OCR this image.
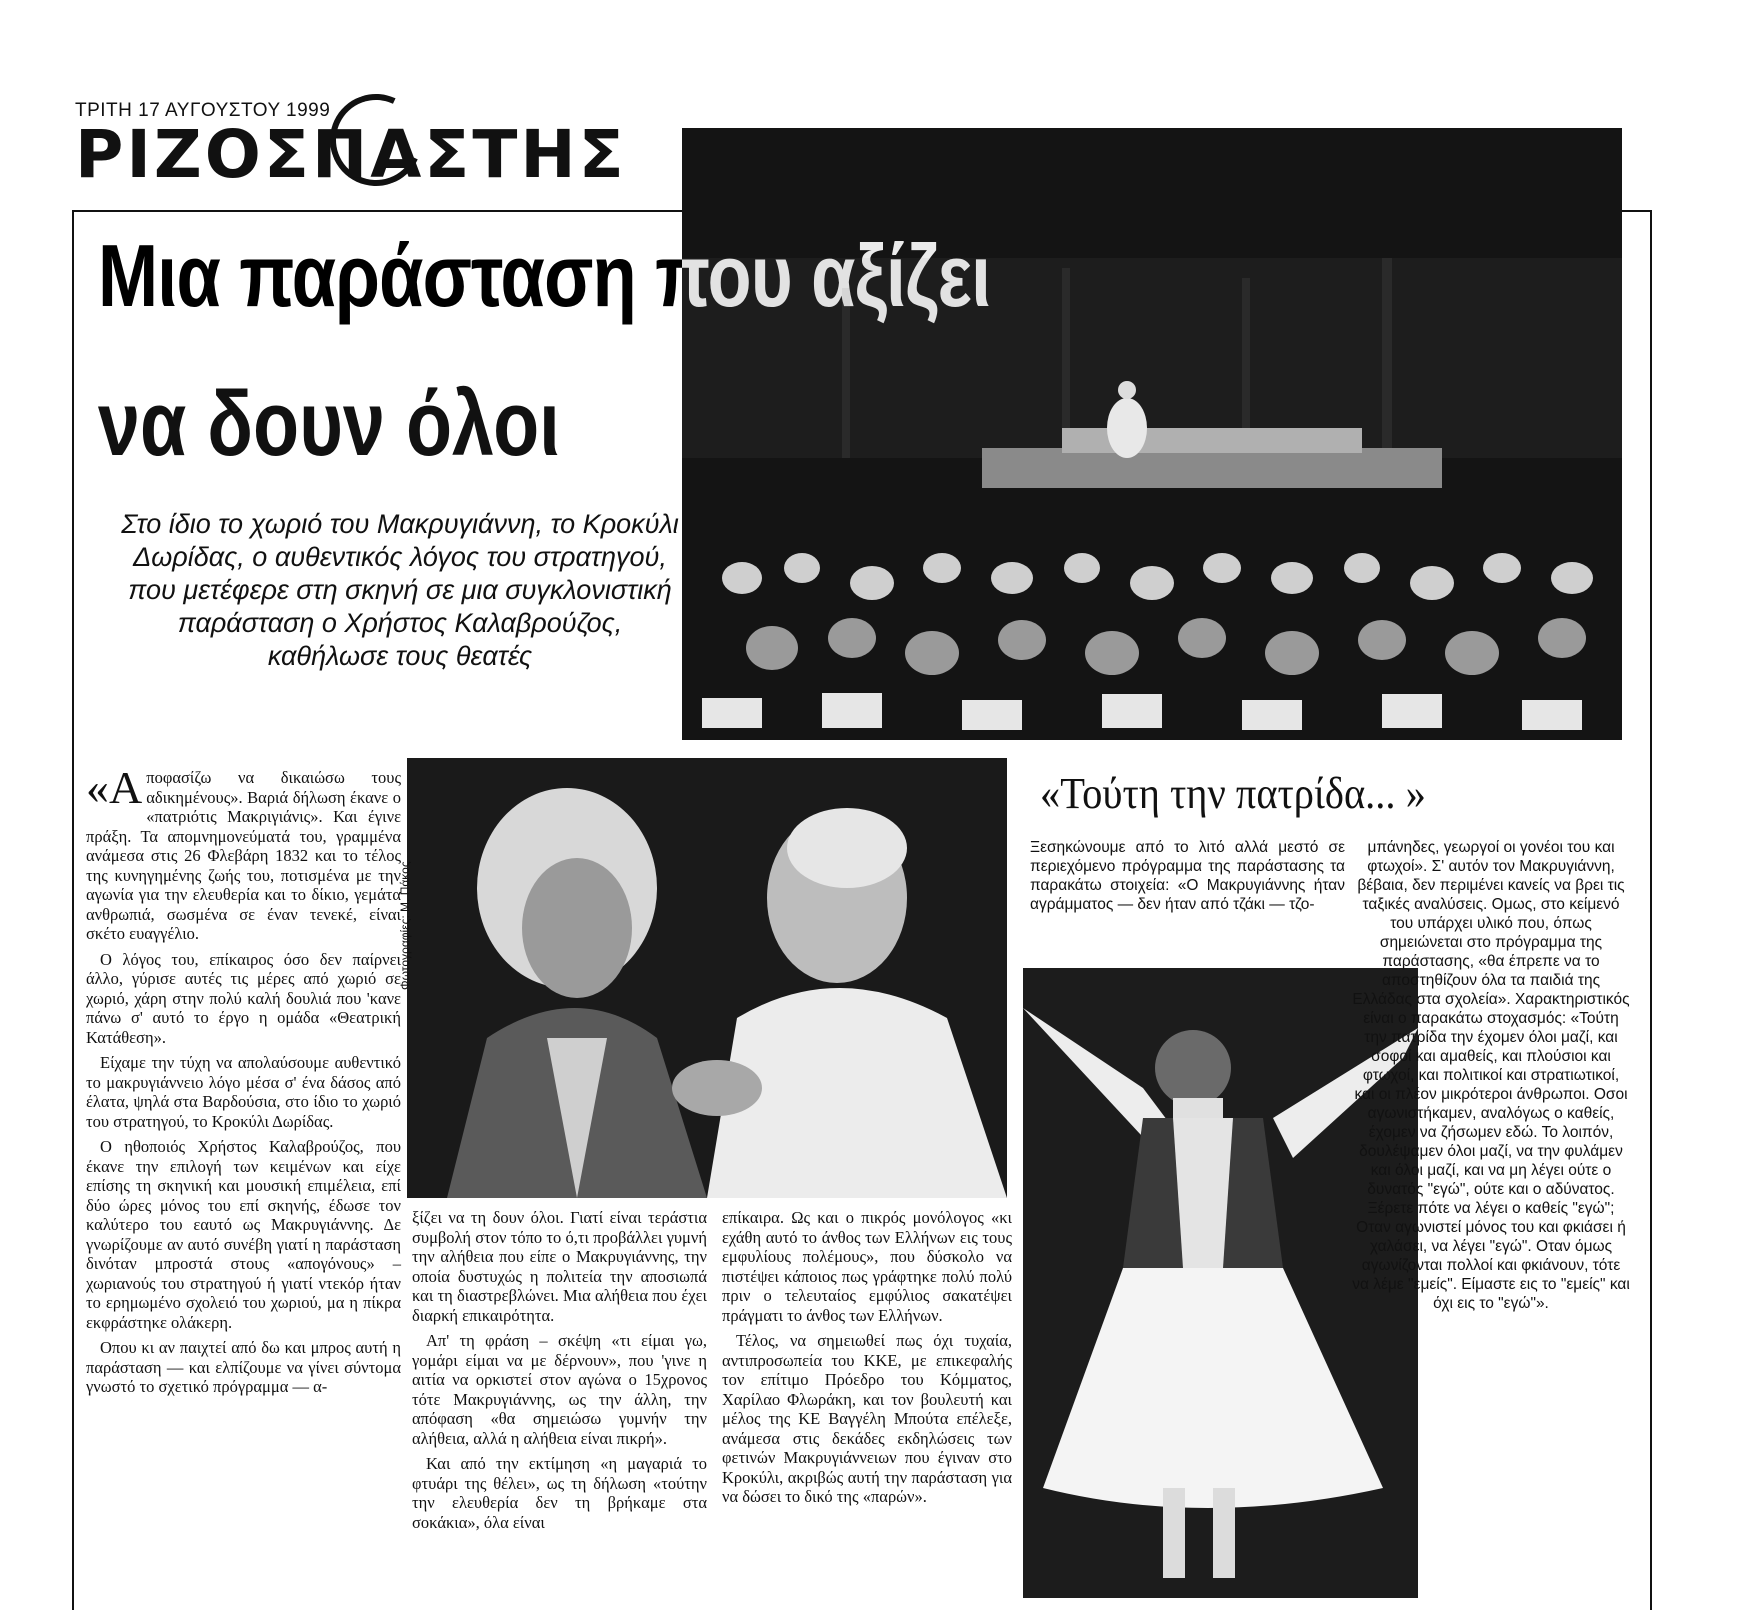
ΤΡΙΤΗ 17 ΑΥΓΟΥΣΤΟΥ 1999
ΡΙΖΟΣΠΑΣΤΗΣ
Μια παράσταση που αξίζει
να δουν όλοι
Στο ίδιο το χωριό του Μακρυγιάννη, το Κροκύλι Δωρίδας, ο αυθεντικός λόγος του στρατηγού, που μετέφερε στη σκηνή σε μια συγκλονιστική παράσταση ο Χρήστος Καλαβρούζος, καθήλωσε τους θεατές
Φωτογραφίες: Μ. Πάκος
«Τούτη την πατρίδα... »
«Α ποφασίζω να δικαιώσω τους αδικημένους». Βαριά δήλωση έκανε ο «πατριότις Μακριγιάνις». Και έγινε πράξη. Τα απομνημονεύματά του, γραμμένα ανάμεσα στις 26 Φλεβάρη 1832 και το τέλος της κυνηγημένης ζωής του, ποτισμένα με την αγωνία για την ελευθερία και το δίκιο, γεμάτα ανθρωπιά, σωσμένα σε έναν τενεκέ, είναι σκέτο ευαγγέλιο.

Ο λόγος του, επίκαιρος όσο δεν παίρνει άλλο, γύρισε αυτές τις μέρες από χωριό σε χωριό, χάρη στην πολύ καλή δουλιά που 'κανε πάνω σ' αυτό το έργο η ομάδα «Θεατρική Κατάθεση».

Είχαμε την τύχη να απολαύσουμε αυθεντικό το μακρυγιάννειο λόγο μέσα σ' ένα δάσος από έλατα, ψηλά στα Βαρδούσια, στο ίδιο το χωριό του στρατηγού, το Κροκύλι Δωρίδας.

Ο ηθοποιός Χρήστος Καλαβρούζος, που έκανε την επιλογή των κειμένων και είχε επίσης τη σκηνική και μουσική επιμέλεια, επί δύο ώρες μόνος του επί σκηνής, έδωσε τον καλύτερο του εαυτό ως Μακρυγιάννης. Δε γνωρίζουμε αν αυτό συνέβη γιατί η παράσταση δινόταν μπροστά στους «απογόνους» – χωριανούς του στρατηγού ή γιατί ντεκόρ ήταν το ερημωμένο σχολειό του χωριού, μα η πίκρα εκφράστηκε ολάκερη.

Οπου κι αν παιχτεί από δω και μπρος αυτή η παράσταση — και ελπίζουμε να γίνει σύντομα γνωστό το σχετικό πρόγραμμα — α-

ξίζει να τη δουν όλοι. Γιατί είναι τεράστια συμβολή στον τόπο το ό,τι προβάλλει γυμνή την αλήθεια που είπε ο Μακρυγιάννης, την οποία δυστυχώς η πολιτεία την αποσιωπά και τη διαστρεβλώνει. Μια αλήθεια που έχει διαρκή επικαιρότητα.

Απ' τη φράση – σκέψη «τι είμαι γω, γομάρι είμαι να με δέρνουν», που 'γινε η αιτία να ορκιστεί στον αγώνα ο 15χρονος τότε Μακρυγιάννης, ως την άλλη, την απόφαση «θα σημειώσω γυμνήν την αλήθεια, αλλά η αλήθεια είναι πικρή».

Και από την εκτίμηση «η μαγαριά το φτυάρι της θέλει», ως τη δήλωση «τούτην την ελευθερία δεν τη βρήκαμε στα σοκάκια», όλα είναι

επίκαιρα. Ως και ο πικρός μονόλογος «κι εχάθη αυτό το άνθος των Ελλήνων εις τους εμφυλίους πολέμους», που δύσκολο να πιστέψει κάποιος πως γράφτηκε πολύ πολύ πριν ο τελευταίος εμφύλιος σακατέψει πράγματι το άνθος των Ελλήνων.

Τέλος, να σημειωθεί πως όχι τυχαία, αντιπροσωπεία του ΚΚΕ, με επικεφαλής τον επίτιμο Πρόεδρο του Κόμματος, Χαρίλαο Φλωράκη, και τον βουλευτή και μέλος της ΚΕ Βαγγέλη Μπούτα επέλεξε, ανάμεσα στις δεκάδες εκδηλώσεις των φετινών Μακρυγιάννειων που έγιναν στο Κροκύλι, ακριβώς αυτή την παράσταση για να δώσει το δικό της «παρών».

Ξεσηκώνουμε από το λιτό αλλά μεστό σε περιεχόμενο πρόγραμμα της παράστασης τα παρακάτω στοιχεία: «Ο Μακρυγιάννης ήταν αγράμματος — δεν ήταν από τζάκι — τζο-
μπάνηδες, γεωργοί οι γονέοι του και φτωχοί». Σ' αυτόν τον Μακρυγιάννη, βέβαια, δεν περιμένει κανείς να βρει τις ταξικές αναλύσεις. Ομως, στο κείμενό του υπάρχει υλικό που, όπως σημειώνεται στο πρόγραμμα της παράστασης, «θα έπρεπε να το αποστηθίζουν όλα τα παιδιά της Ελλάδας στα σχολεία». Χαρακτηριστικός είναι ο παρακάτω στοχασμός: «Τούτη την πατρίδα την έχομεν όλοι μαζί, και σοφοί και αμαθείς, και πλούσιοι και φτωχοί, και πολιτικοί και στρατιωτικοί, και οι πλέον μικρότεροι άνθρωποι. Οσοι αγωνιστήκαμεν, αναλόγως ο καθείς, έχομεν να ζήσωμεν εδώ. Το λοιπόν, δουλέψαμεν όλοι μαζί, να την φυλάμεν και όλοι μαζί, και να μη λέγει ούτε ο δυνατός "εγώ", ούτε και ο αδύνατος. Ξέρετε πότε να λέγει ο καθείς "εγώ"; Οταν αγωνιστεί μόνος του και φκιάσει ή χαλάσει, να λέγει "εγώ". Οταν όμως αγωνίζονται πολλοί και φκιάνουν, τότε να λέμε "εμείς". Είμαστε εις το "εμείς" και όχι εις το "εγώ"».
